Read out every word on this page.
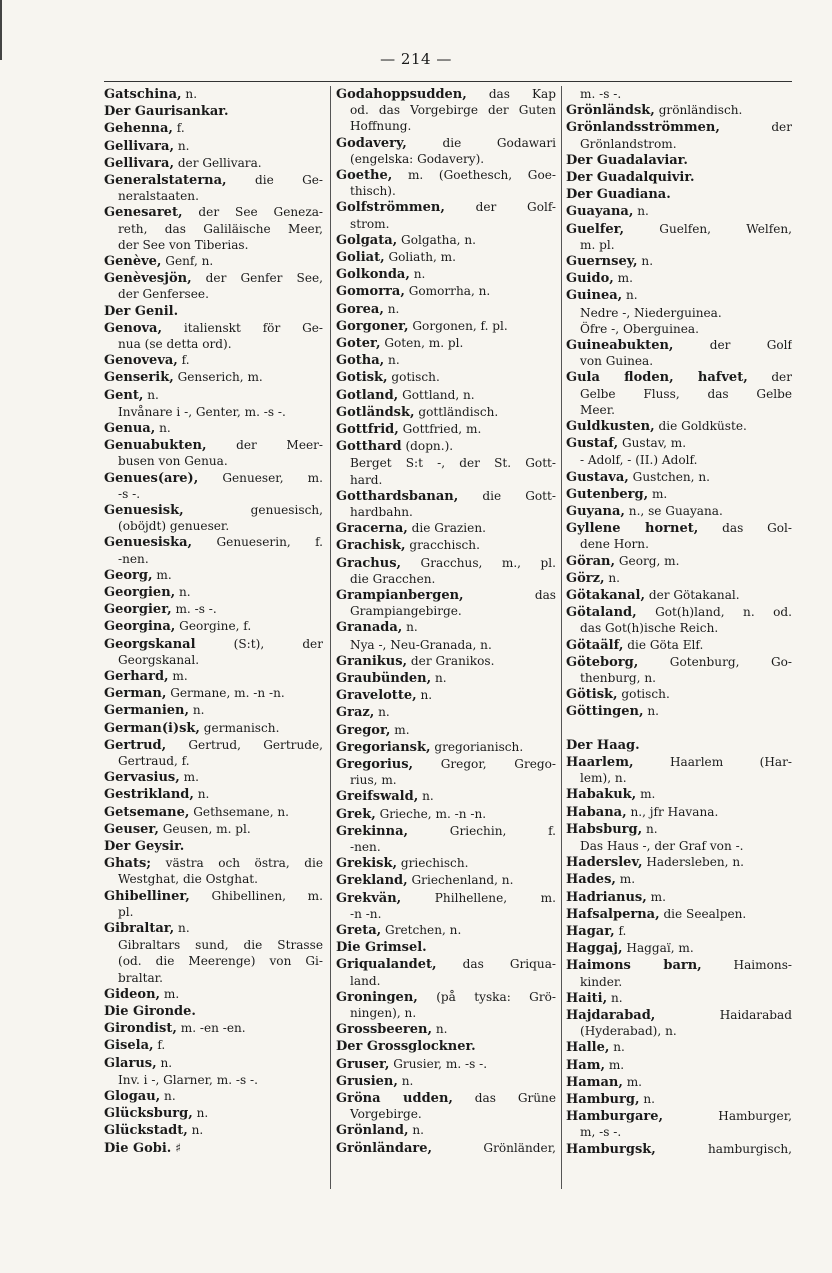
— 214 —
Gatschina, n.
Der Gaurisankar.
Gehenna, f.
Gellivara, n.
Gellivara, der Gellivara.
Generalstaterna, die Ge-
neralstaaten.
Genesaret, der See Geneza-
reth, das Galiläische Meer,
der See von Tiberias.
Genève, Genf, n.
Genèvesjön, der Genfer See,
der Genfersee.
Der Genil.
Genova, italienskt för Ge-
nua (se detta ord).
Genoveva, f.
Genserik, Genserich, m.
Gent, n.
Invånare i -, Genter, m. -s -.
Genua, n.
Genuabukten, der Meer-
busen von Genua.
Genues(are), Genueser, m.
-s -.
Genuesisk, genuesisch,
(oböjdt) genueser.
Genuesiska, Genueserin, f.
-nen.
Georg, m.
Georgien, n.
Georgier, m. -s -.
Georgina, Georgine, f.
Georgskanal (S:t), der
Georgskanal.
Gerhard, m.
German, Germane, m. -n -n.
Germanien, n.
German(i)sk, germanisch.
Gertrud, Gertrud, Gertrude,
Gertraud, f.
Gervasius, m.
Gestrikland, n.
Getsemane, Gethsemane, n.
Geuser, Geusen, m. pl.
Der Geysir.
Ghats; västra och östra, die
Westghat, die Ostghat.
Ghibelliner, Ghibellinen, m.
pl.
Gibraltar, n.
Gibraltars sund, die Strasse
(od. die Meerenge) von Gi-
braltar.
Gideon, m.
Die Gironde.
Girondist, m. -en -en.
Gisela, f.
Glarus, n.
Inv. i -, Glarner, m. -s -.
Glogau, n.
Glücksburg, n.
Glückstadt, n.
Die Gobi. ♯
Godahoppsudden, das Kap
od. das Vorgebirge der Guten
Hoffnung.
Godavery, die Godawari
(engelska: Godavery).
Goethe, m. (Goethesch, Goe-
thisch).
Golfströmmen, der Golf-
strom.
Golgata, Golgatha, n.
Goliat, Goliath, m.
Golkonda, n.
Gomorra, Gomorrha, n.
Gorea, n.
Gorgoner, Gorgonen, f. pl.
Goter, Goten, m. pl.
Gotha, n.
Gotisk, gotisch.
Gotland, Gottland, n.
Gotländsk, gottländisch.
Gottfrid, Gottfried, m.
Gotthard (dopn.).
Berget S:t -, der St. Gott-
hard.
Gotthardsbanan, die Gott-
hardbahn.
Gracerna, die Grazien.
Grachisk, gracchisch.
Grachus, Gracchus, m., pl.
die Gracchen.
Grampianbergen, das
Grampiangebirge.
Granada, n.
Nya -, Neu-Granada, n.
Granikus, der Granikos.
Graubünden, n.
Gravelotte, n.
Graz, n.
Gregor, m.
Gregoriansk, gregorianisch.
Gregorius, Gregor, Grego-
rius, m.
Greifswald, n.
Grek, Grieche, m. -n -n.
Grekinna, Griechin, f.
-nen.
Grekisk, griechisch.
Grekland, Griechenland, n.
Grekvän, Philhellene, m.
-n -n.
Greta, Gretchen, n.
Die Grimsel.
Griqualandet, das Griqua-
land.
Groningen, (på tyska: Grö-
ningen), n.
Grossbeeren, n.
Der Grossglockner.
Gruser, Grusier, m. -s -.
Grusien, n.
Gröna udden, das Grüne
Vorgebirge.
Grönland, n.
Grönländare, Grönländer,
m. -s -.
Grönländsk, grönländisch.
Grönlandsströmmen, der
Grönlandstrom.
Der Guadalaviar.
Der Guadalquivir.
Der Guadiana.
Guayana, n.
Guelfer, Guelfen, Welfen,
m. pl.
Guernsey, n.
Guido, m.
Guinea, n.
Nedre -, Niederguinea.
Öfre -, Oberguinea.
Guineabukten, der Golf
von Guinea.
Gula floden, hafvet, der
Gelbe Fluss, das Gelbe
Meer.
Guldkusten, die Goldküste.
Gustaf, Gustav, m.
- Adolf, - (II.) Adolf.
Gustava, Gustchen, n.
Gutenberg, m.
Guyana, n., se Guayana.
Gyllene hornet, das Gol-
dene Horn.
Göran, Georg, m.
Görz, n.
Götakanal, der Götakanal.
Götaland, Got(h)land, n. od.
das Got(h)ische Reich.
Götaälf, die Göta Elf.
Göteborg, Gotenburg, Go-
thenburg, n.
Götisk, gotisch.
Göttingen, n.
Der Haag.
Haarlem, Haarlem (Har-
lem), n.
Habakuk, m.
Habana, n., jfr Havana.
Habsburg, n.
Das Haus -, der Graf von -.
Haderslev, Hadersleben, n.
Hades, m.
Hadrianus, m.
Hafsalperna, die Seealpen.
Hagar, f.
Haggaj, Haggaï, m.
Haimons barn, Haimons-
kinder.
Haiti, n.
Hajdarabad, Haidarabad
(Hyderabad), n.
Halle, n.
Ham, m.
Haman, m.
Hamburg, n.
Hamburgare, Hamburger,
m, -s -.
Hamburgsk, hamburgisch,
